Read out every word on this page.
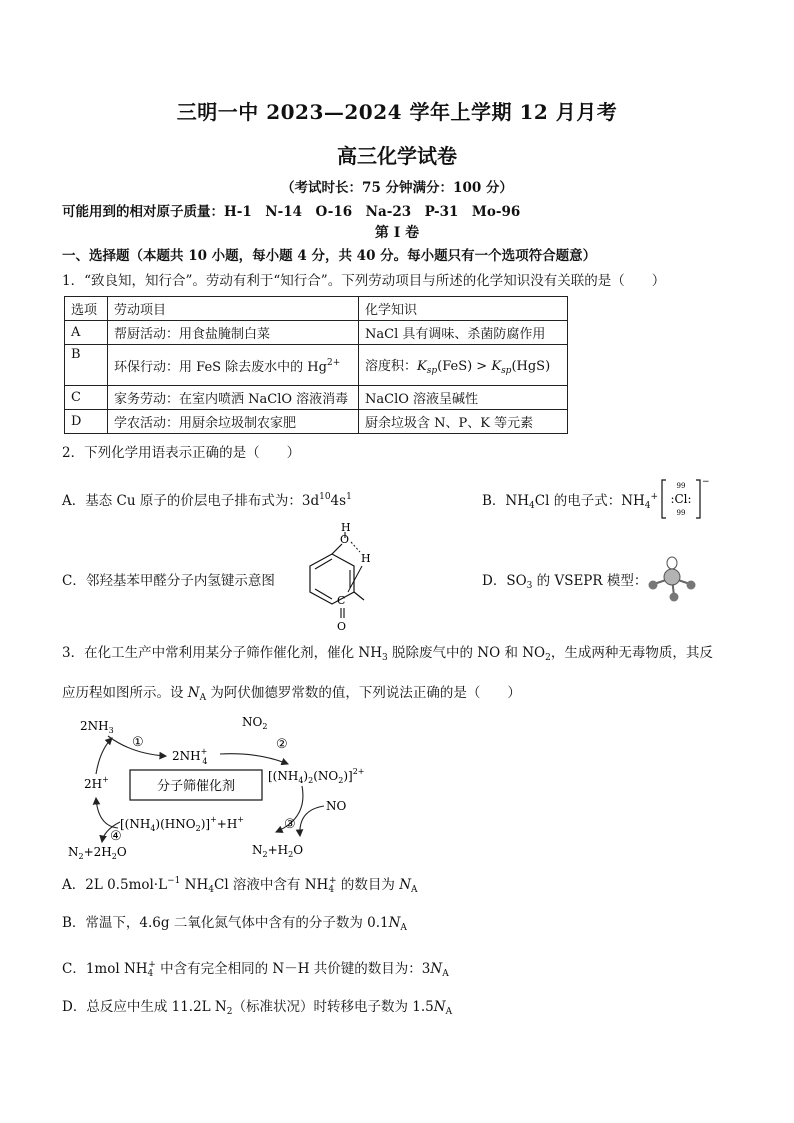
三明一中 2023—2024 学年上学期 12 月月考
高三化学试卷
（考试时长：75 分钟满分：100 分）
可能用到的相对原子质量：H-1　N-14　O-16　Na-23　P-31　Mo-96
第 I 卷
一、选择题（本题共 10 小题，每小题 4 分，共 40 分。每小题只有一个选项符合题意）
1．“致良知，知行合”。劳动有利于“知行合”。下列劳动项目与所述的化学知识没有关联的是（　　）
选项	劳动项目	化学知识
A	帮厨活动：用食盐腌制白菜	NaCl 具有调味、杀菌防腐作用
B	环保行动：用 FeS 除去废水中的 $Hg^{2+}$	溶度积：$K_{sp}(FeS) > K_{sp}(HgS)$
C	家务劳动：在室内喷洒 NaClO 溶液消毒	NaClO 溶液呈碱性
D	学农活动：用厨余垃圾制农家肥	厨余垃圾含 N、P、K 等元素
2．下列化学用语表示正确的是（　　）
A．基态 Cu 原子的价层电子排布式为：$3d^{10}4s^1$	B．$NH_4Cl$ 的电子式：$NH_4^+$
99
:Cl:
99
−
C．邻羟基苯甲醛分子内氢键示意图
O
H
H
C
O
D．$SO_3$ 的 VSEPR 模型：
3．在化工生产中常利用某分子筛作催化剂，催化 $NH_3$ 脱除废气中的 NO 和 $NO_2$，生成两种无毒物质，其反
应历程如图所示。设 $N_A$ 为阿伏伽德罗常数的值，下列说法正确的是（　　）
分子筛催化剂
$2NH_3$
①
2NH+ 4
$NO_2$
②
$[(NH_4)_2(NO_2)]^{2+}$
NO
③
$[(NH_4)(HNO_2)]^++H^+$
$N_2+H_2O$
2H+
④
$N_2+2H_2O$
A．2L $0.5mol\cdot L^{-1}$ $NH_4Cl$ 溶液中含有 $NH_4^+$ 的数目为 $N_A$
B．常温下，4.6g 二氧化氮气体中含有的分子数为 $0.1N_A$
C．1mol $NH_4^+$ 中含有完全相同的 N－H 共价键的数目为：$3N_A$
D．总反应中生成 11.2L $N_2$（标准状况）时转移电子数为 $1.5N_A$
